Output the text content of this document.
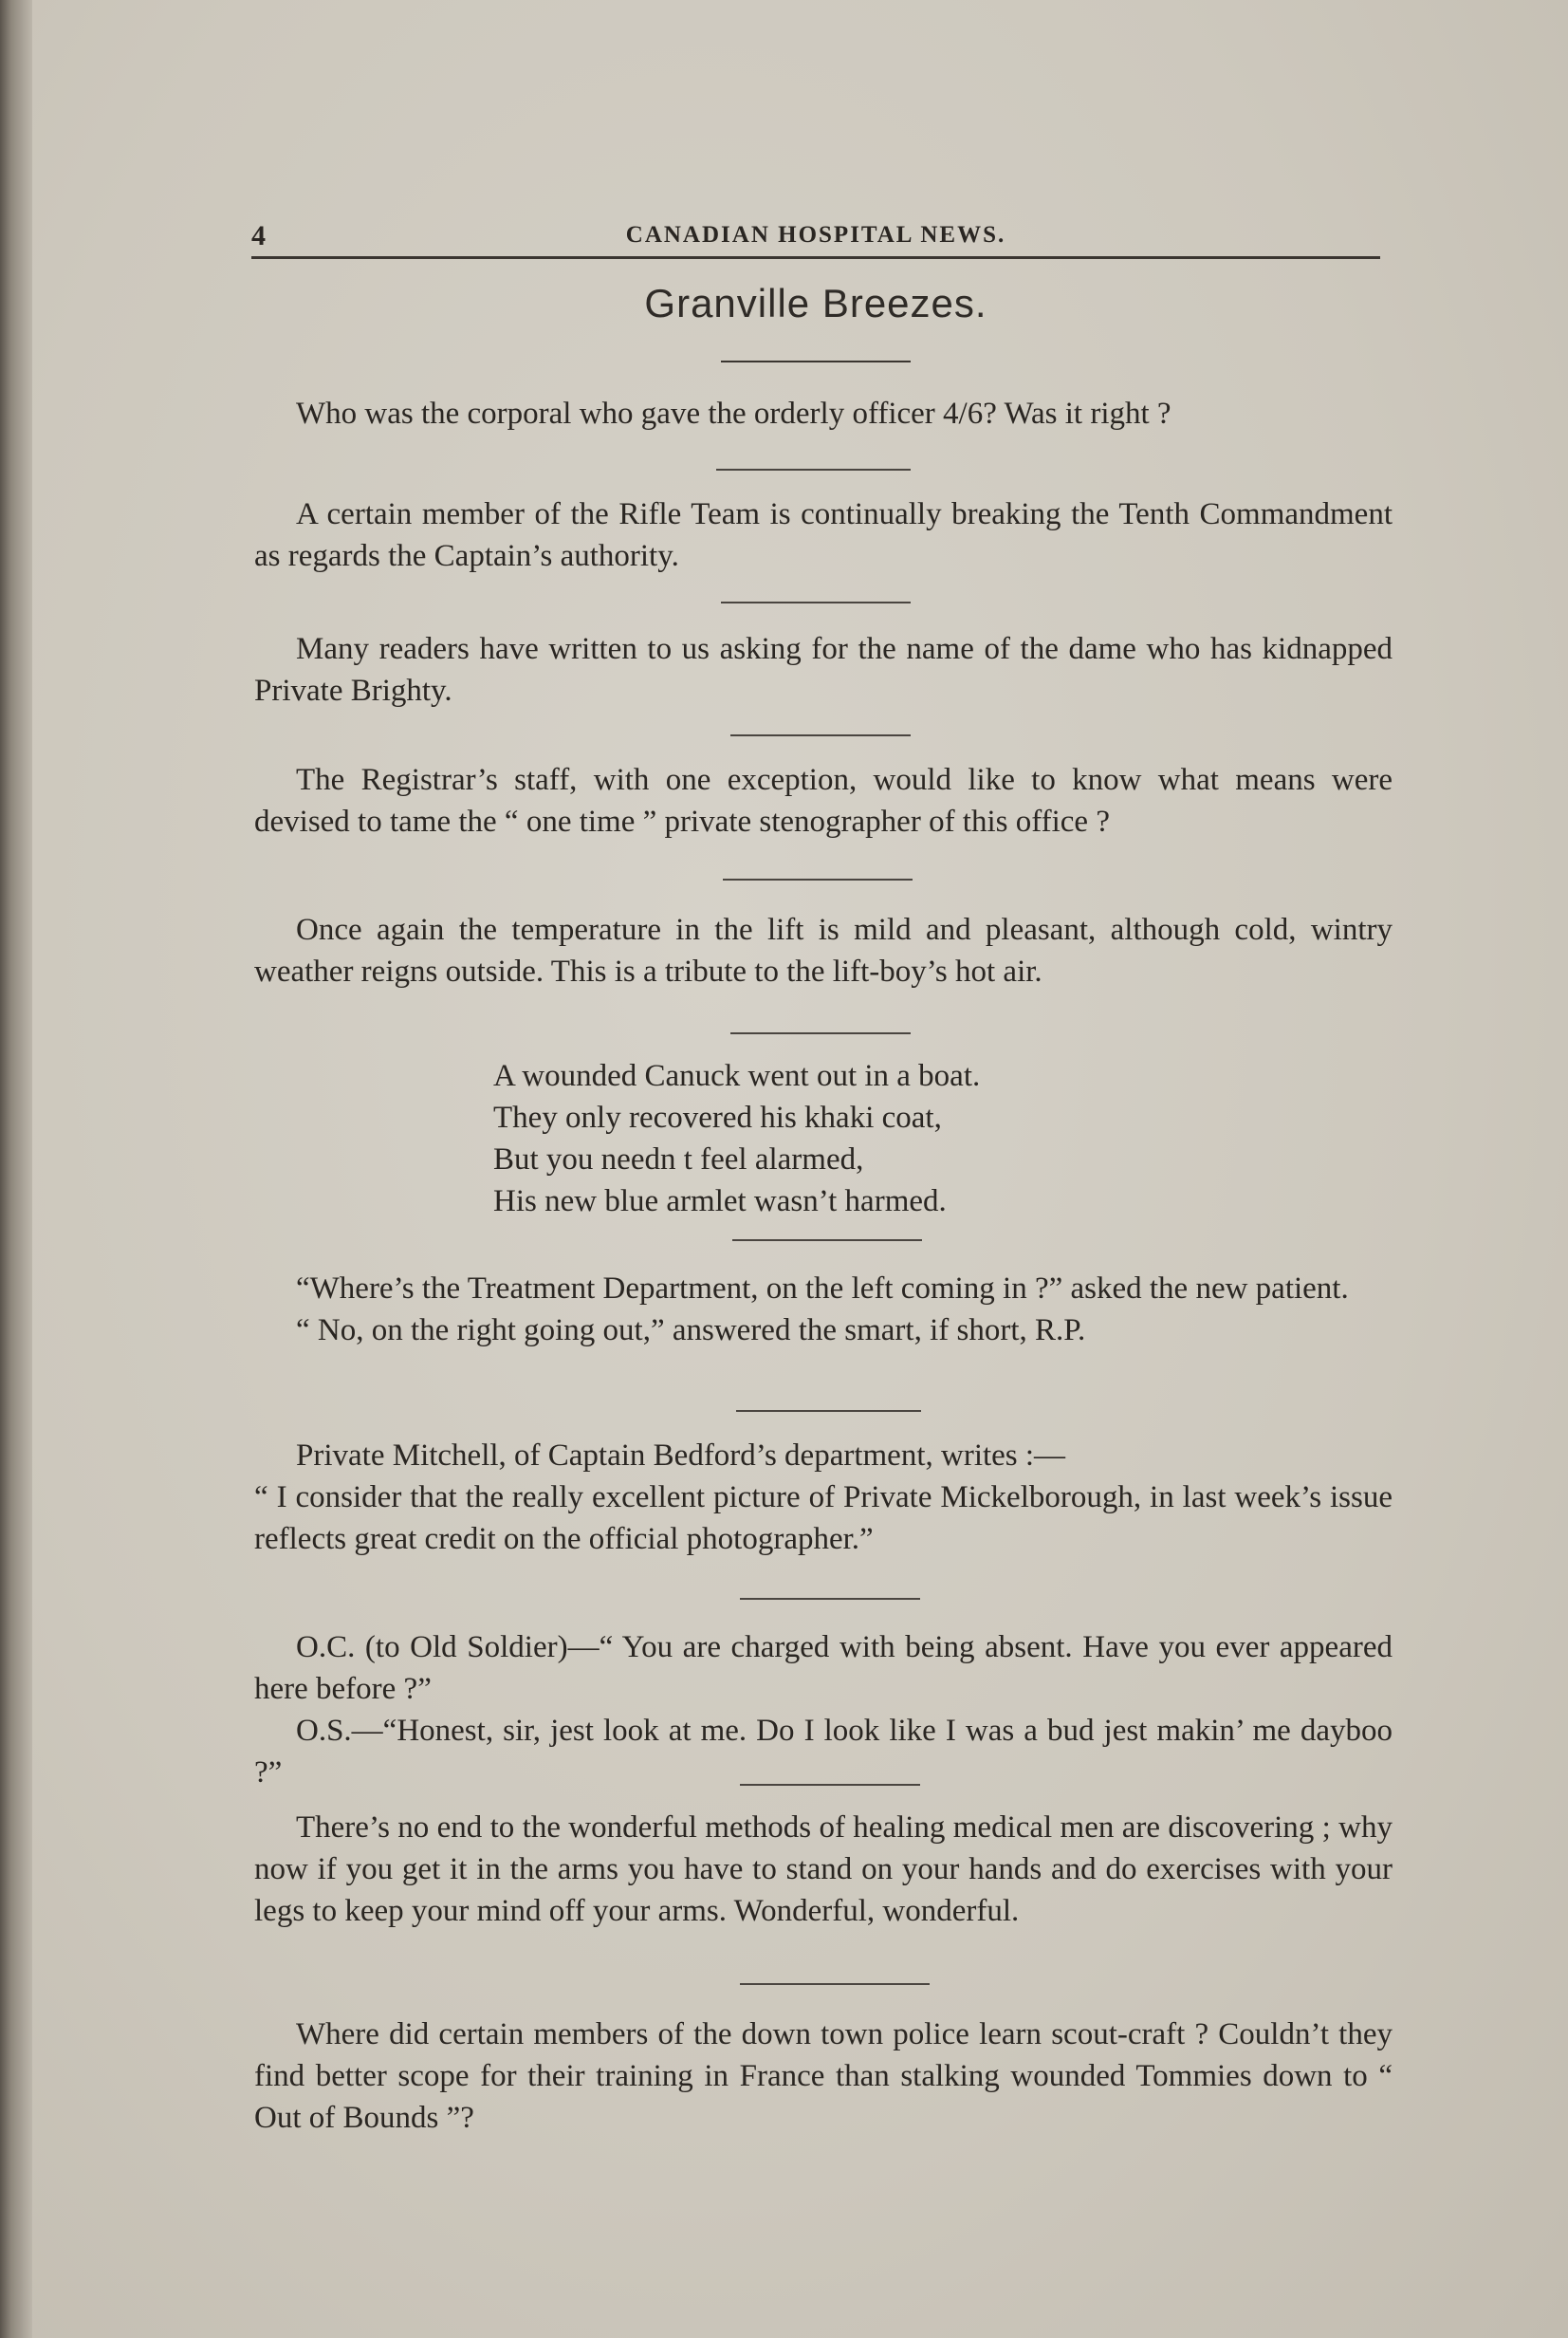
4	CANADIAN HOSPITAL NEWS.
Granville Breezes.

Who was the corporal who gave the orderly officer 4/6? Was it right ?

A certain member of the Rifle Team is continually breaking the Tenth Commandment as regards the Captain’s authority.

Many readers have written to us asking for the name of the dame who has kidnapped Private Brighty.

The Registrar’s staff, with one exception, would like to know what means were devised to tame the “ one time ” private stenographer of this office ?

Once again the temperature in the lift is mild and pleasant, although cold, wintry weather reigns outside. This is a tribute to the lift-boy’s hot air.

A wounded Canuck went out in a boat.
They only recovered his khaki coat,
But you needn t feel alarmed,
His new blue armlet wasn’t harmed.

“Where’s the Treatment Department, on the left coming in ?” asked the new patient.

“ No, on the right going out,” answered the smart, if short, R.P.

Private Mitchell, of Captain Bedford’s department, writes :—

“ I consider that the really excellent picture of Private Mickelborough, in last week’s issue reflects great credit on the official photographer.”

O.C. (to Old Soldier)—“ You are charged with being absent. Have you ever appeared here before ?”

O.S.—“Honest, sir, jest look at me. Do I look like I was a bud jest makin’ me dayboo ?”

There’s no end to the wonderful methods of healing medical men are discovering ; why now if you get it in the arms you have to stand on your hands and do exercises with your legs to keep your mind off your arms. Wonderful, wonderful.

Where did certain members of the down town police learn scout-craft ? Couldn’t they find better scope for their training in France than stalking wounded Tommies down to “ Out of Bounds ”?
